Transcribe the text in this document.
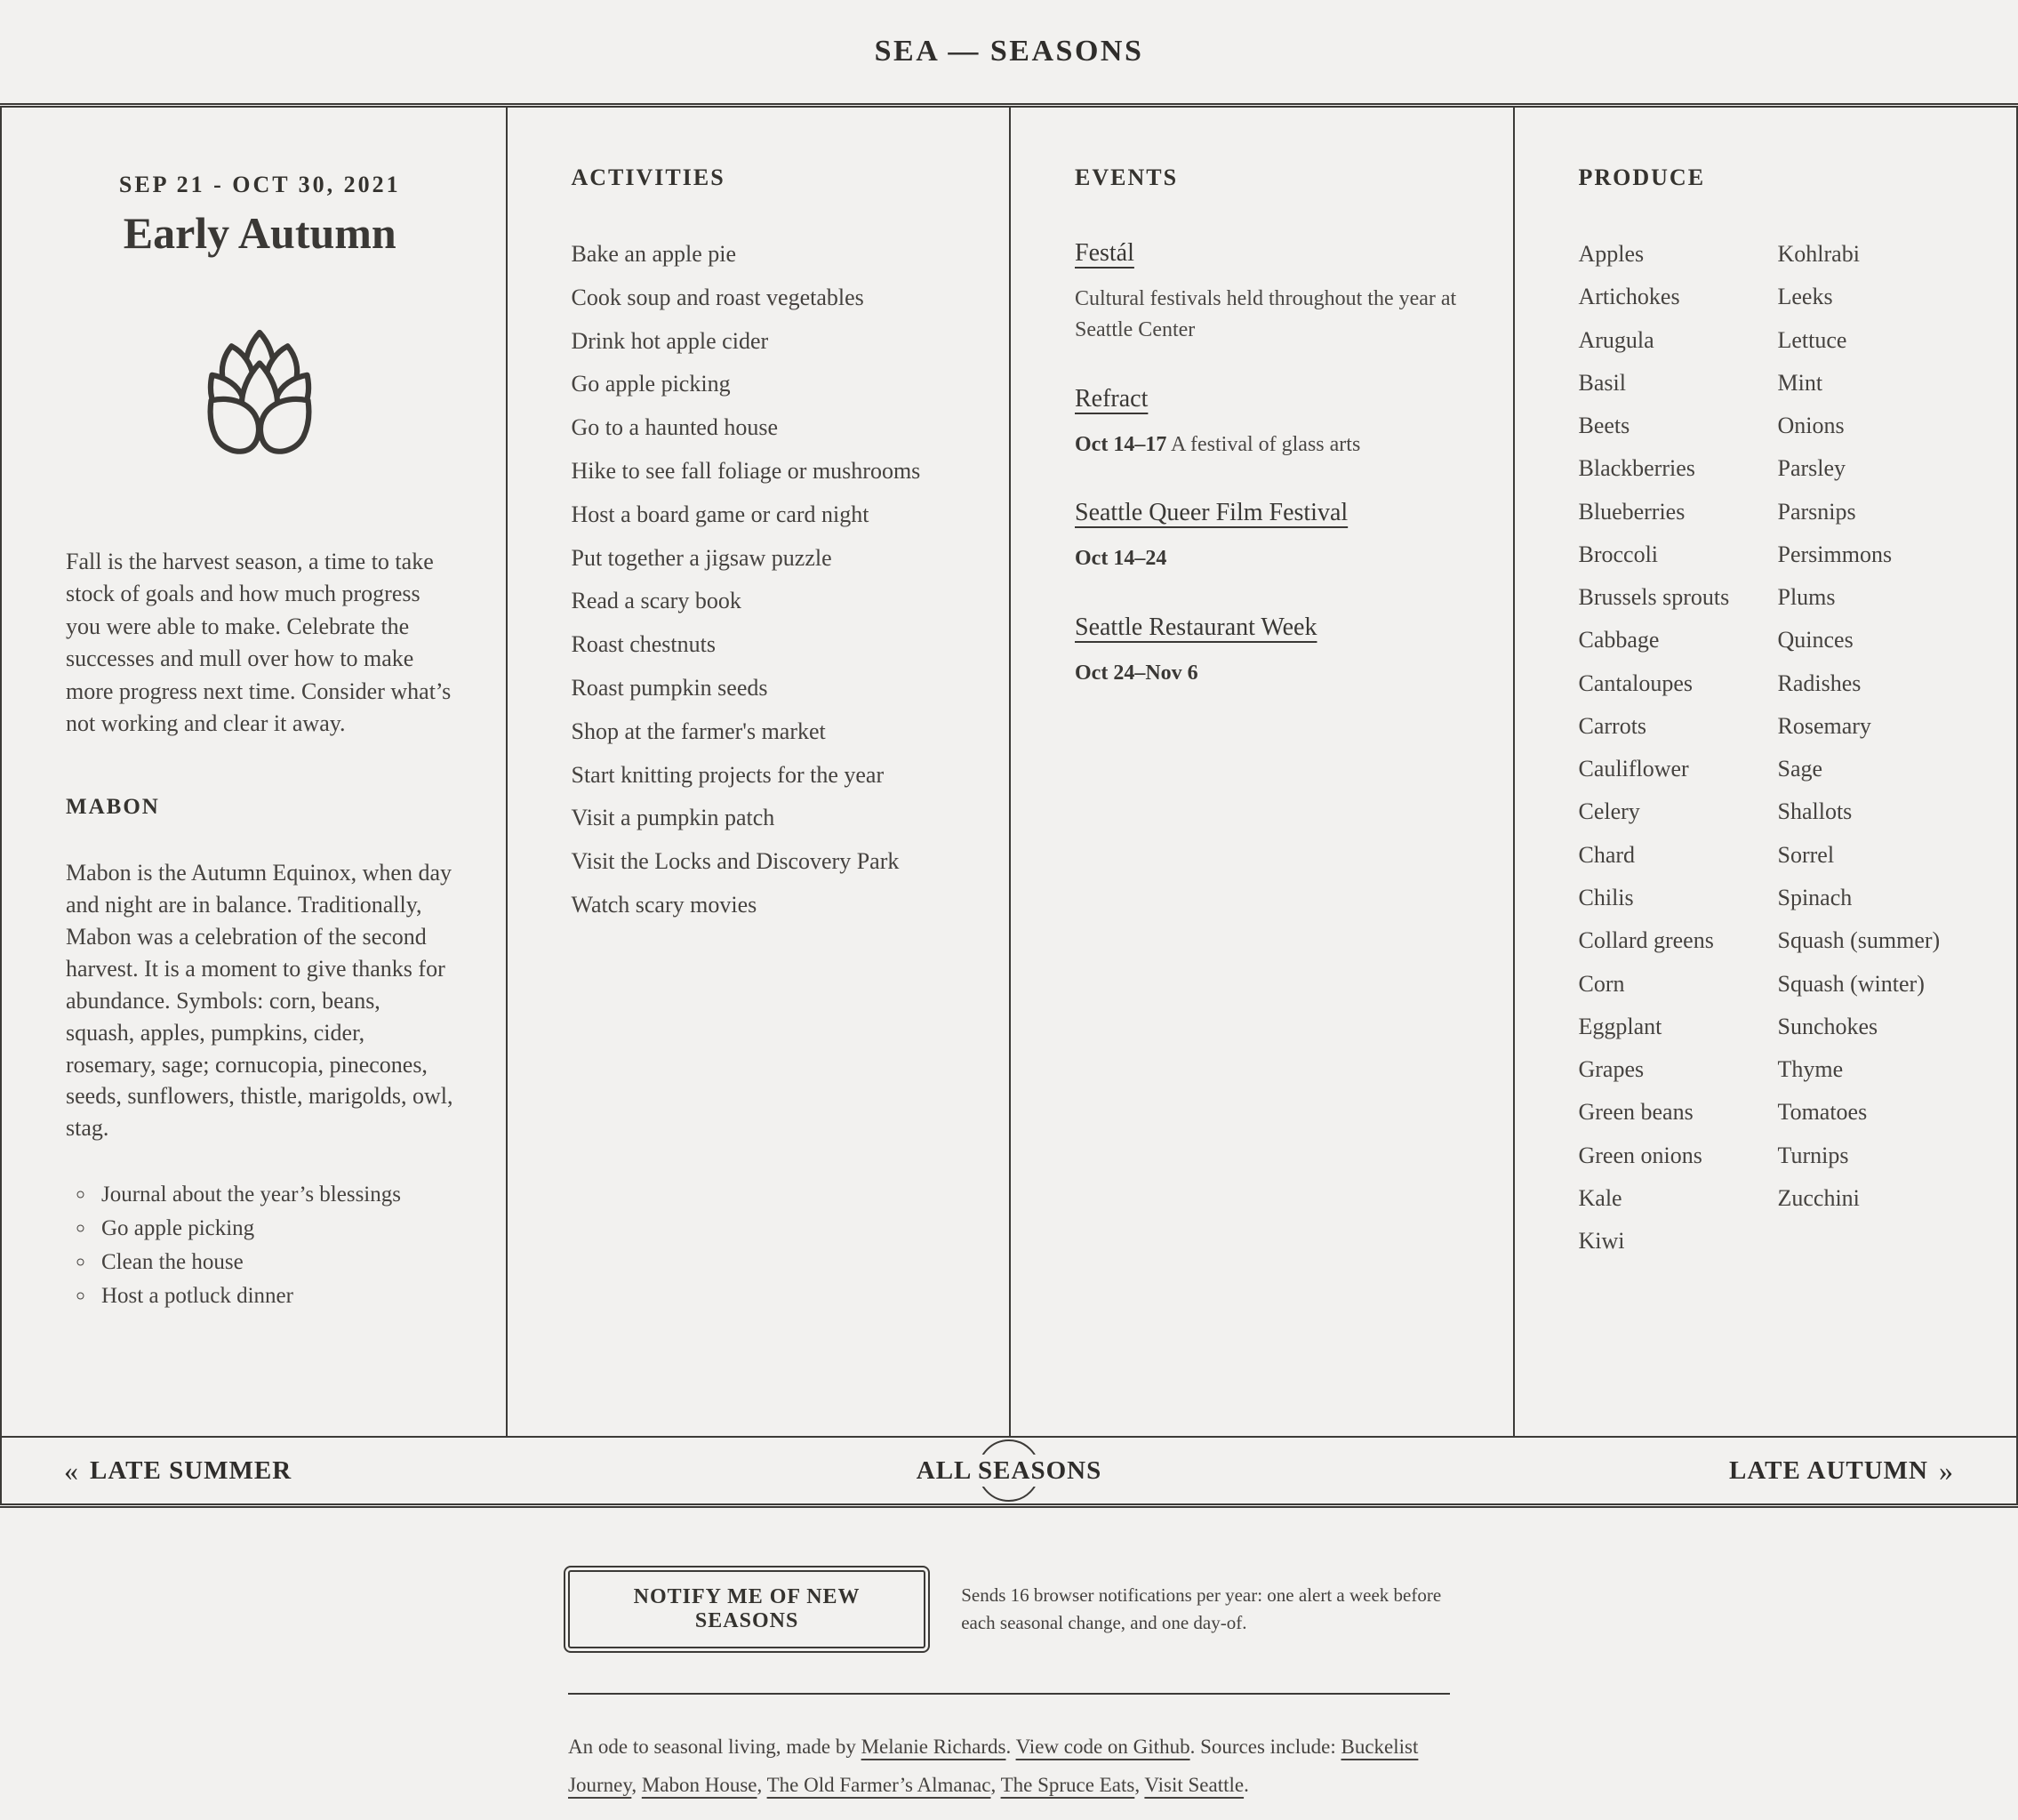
SEA — SEASONS
SEP 21 - OCT 30, 2021
Early Autumn

Fall is the harvest season, a time to take stock of goals and how much progress you were able to make. Celebrate the successes and mull over how to make more progress next time. Consider what’s not working and clear it away.

MABON

Mabon is the Autumn Equinox, when day and night are in balance. Traditionally, Mabon was a celebration of the second harvest. It is a moment to give thanks for abundance. Symbols: corn, beans, squash, apples, pumpkins, cider, rosemary, sage; cornucopia, pinecones, seeds, sunflowers, thistle, marigolds, owl, stag.

◦ Journal about the year’s blessings
◦ Go apple picking
◦ Clean the house
◦ Host a potluck dinner
ACTIVITIES
Bake an apple pie
Cook soup and roast vegetables
Drink hot apple cider
Go apple picking
Go to a haunted house
Hike to see fall foliage or mushrooms
Host a board game or card night
Put together a jigsaw puzzle
Read a scary book
Roast chestnuts
Roast pumpkin seeds
Shop at the farmer's market
Start knitting projects for the year
Visit a pumpkin patch
Visit the Locks and Discovery Park
Watch scary movies
EVENTS
Festál

Cultural festivals held throughout the year at Seattle Center

Refract

Oct 14–17 A festival of glass arts

Seattle Queer Film Festival

Oct 14–24

Seattle Restaurant Week

Oct 24–Nov 6

PRODUCE
Apples
Artichokes
Arugula
Basil
Beets
Blackberries
Blueberries
Broccoli
Brussels sprouts
Cabbage
Cantaloupes
Carrots
Cauliflower
Celery
Chard
Chilis
Collard greens
Corn
Eggplant
Grapes
Green beans
Green onions
Kale
Kiwi
Kohlrabi
Leeks
Lettuce
Mint
Onions
Parsley
Parsnips
Persimmons
Plums
Quinces
Radishes
Rosemary
Sage
Shallots
Sorrel
Spinach
Squash (summer)
Squash (winter)
Sunchokes
Thyme
Tomatoes
Turnips
Zucchini
« LATE SUMMER	ALL SEASONS	LATE AUTUMN »
NOTIFY ME OF NEW SEASONS

Sends 16 browser notifications per year: one alert a week before each seasonal change, and one day-of.

An ode to seasonal living, made by Melanie Richards. View code on Github. Sources include: Buckelist Journey, Mabon House, The Old Farmer’s Almanac, The Spruce Eats, Visit Seattle.
